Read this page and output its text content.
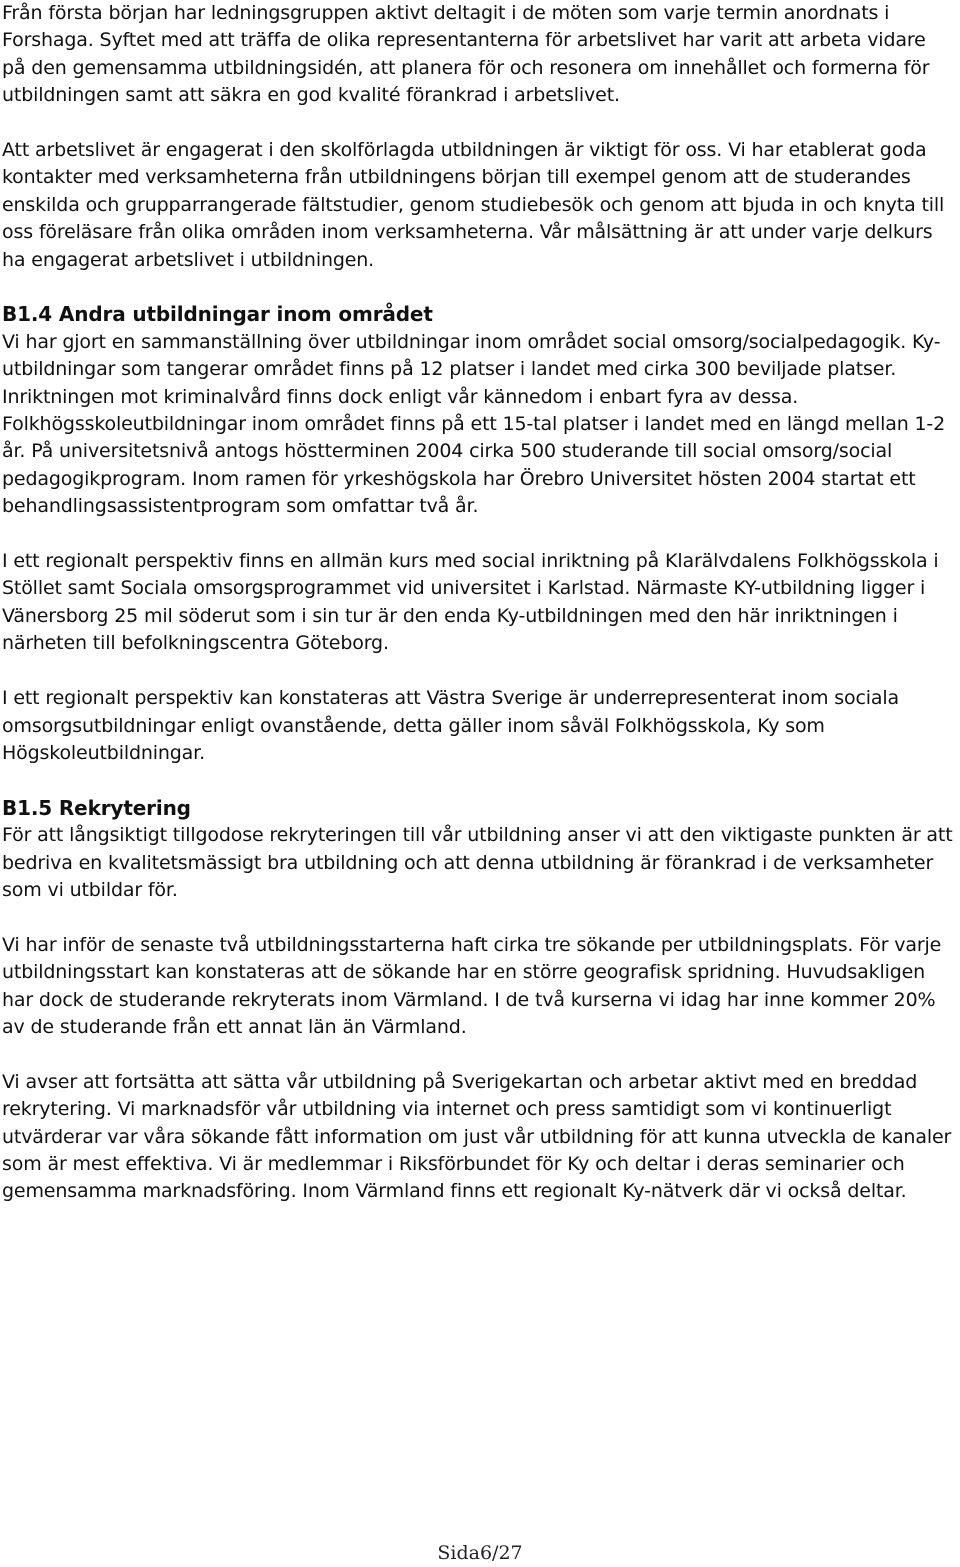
Från första början har ledningsgruppen aktivt deltagit i de möten som varje termin anordnats i Forshaga. Syftet med att träffa de olika representanterna för arbetslivet har varit att arbeta vidare på den gemensamma utbildningsidén, att planera för och resonera om innehållet och formerna för utbildningen samt att säkra en god kvalité förankrad i arbetslivet.

Att arbetslivet är engagerat i den skolförlagda utbildningen är viktigt för oss. Vi har etablerat goda kontakter med verksamheterna från utbildningens början till exempel genom att de studerandes enskilda och grupparrangerade fältstudier, genom studiebesök och genom att bjuda in och knyta till oss föreläsare från olika områden inom verksamheterna. Vår målsättning är att under varje delkurs ha engagerat arbetslivet i utbildningen.

B1.4 Andra utbildningar inom området

Vi har gjort en sammanställning över utbildningar inom området social omsorg/socialpedagogik. Ky-utbildningar som tangerar området finns på 12 platser i landet med cirka 300 beviljade platser. Inriktningen mot kriminalvård finns dock enligt vår kännedom i enbart fyra av dessa. Folkhögsskoleutbildningar inom området finns på ett 15-tal platser i landet med en längd mellan 1-2 år. På universitetsnivå antogs höstterminen 2004 cirka 500 studerande till social omsorg/social pedagogikprogram. Inom ramen för yrkeshögskola har Örebro Universitet hösten 2004 startat ett behandlingsassistentprogram som omfattar två år.

I ett regionalt perspektiv finns en allmän kurs med social inriktning på Klarälvdalens Folkhögsskola i Stöllet samt Sociala omsorgsprogrammet vid universitet i Karlstad. Närmaste KY-utbildning ligger i Vänersborg 25 mil söderut som i sin tur är den enda Ky-utbildningen med den här inriktningen i närheten till befolkningscentra Göteborg.

I ett regionalt perspektiv kan konstateras att Västra Sverige är underrepresenterat inom sociala omsorgsutbildningar enligt ovanstående, detta gäller inom såväl Folkhögsskola, Ky som Högskoleutbildningar.

B1.5 Rekrytering

För att långsiktigt tillgodose rekryteringen till vår utbildning anser vi att den viktigaste punkten är att bedriva en kvalitetsmässigt bra utbildning och att denna utbildning är förankrad i de verksamheter som vi utbildar för.

Vi har inför de senaste två utbildningsstarterna haft cirka tre sökande per utbildningsplats. För varje utbildningsstart kan konstateras att de sökande har en större geografisk spridning. Huvudsakligen har dock de studerande rekryterats inom Värmland. I de två kurserna vi idag har inne kommer 20% av de studerande från ett annat län än Värmland.

Vi avser att fortsätta att sätta vår utbildning på Sverigekartan och arbetar aktivt med en breddad rekrytering. Vi marknadsför vår utbildning via internet och press samtidigt som vi kontinuerligt utvärderar var våra sökande fått information om just vår utbildning för att kunna utveckla de kanaler som är mest effektiva. Vi är medlemmar i Riksförbundet för Ky och deltar i deras seminarier och gemensamma marknadsföring. Inom Värmland finns ett regionalt Ky-nätverk där vi också deltar.

Sida6/27
